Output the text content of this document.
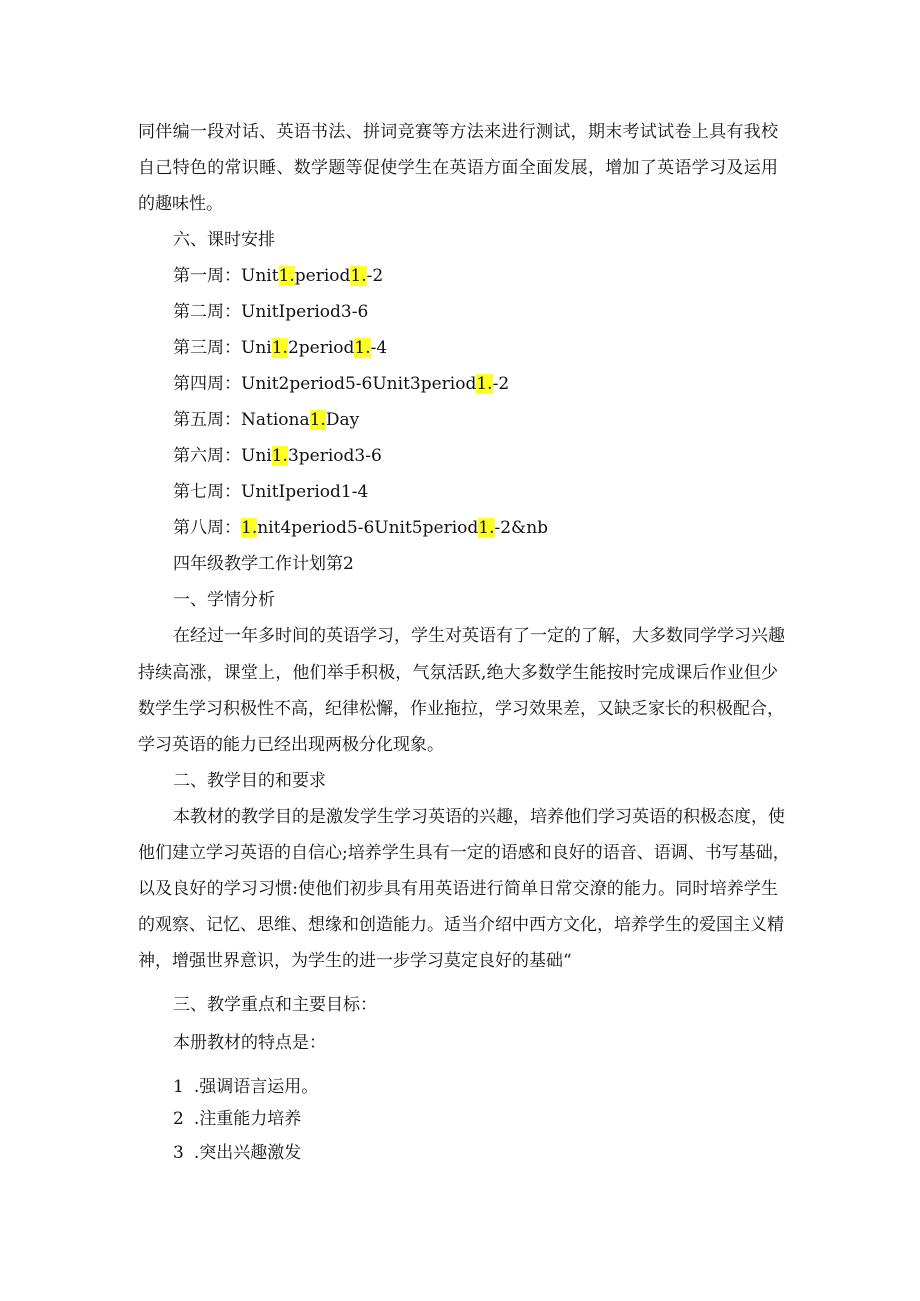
同伴编一段对话、英语书法、拼词竞赛等方法来进行测试，期末考试试卷上具有我校
自己特色的常识睡、数学题等促使学生在英语方面全面发展，增加了英语学习及运用
的趣味性。
六、课时安排
第一周：Unit1.period1.-2
第二周：UnitIperiod3-6
第三周：Uni1.2period1.-4
第四周：Unit2period5-6Unit3period1.-2
第五周：Nationa1.Day
第六周：Uni1.3period3-6
第七周：UnitIperiod1-4
第八周：1.nit4period5-6Unit5period1.-2&nb
四年级教学工作计划第2
一、学情分析
在经过一年多时间的英语学习，学生对英语有了一定的了解，大多数同学学习兴趣
持续高涨，课堂上，他们举手积极，气氛活跃,绝大多数学生能按时完成课后作业但少
数学生学习积极性不高，纪律松懈，作业拖拉，学习效果差，又缺乏家长的积极配合，
学习英语的能力已经出现两极分化现象。
二、教学目的和要求
本教材的教学目的是激发学生学习英语的兴趣，培养他们学习英语的积极态度，使
他们建立学习英语的自信心;培养学生具有一定的语感和良好的语音、语调、书写基础，
以及良好的学习习惯:使他们初步具有用英语进行简单日常交潦的能力。同时培养学生
的观察、记忆、思维、想缘和创造能力。适当介绍中西方文化，培养学生的爱国主义精
神，增强世界意识，为学生的进一步学习莫定良好的基础“
三、教学重点和主要目标：
本册教材的特点是：
1 .强调语言运用。
2 .注重能力培养
3 .突出兴趣激发
